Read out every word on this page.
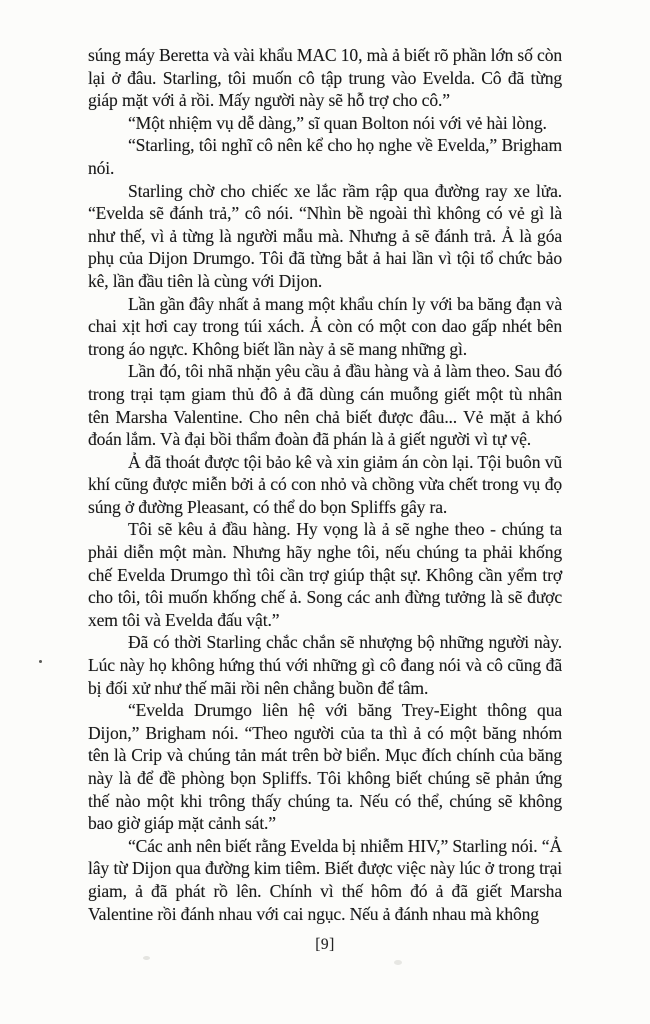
súng máy Beretta và vài khẩu MAC 10, mà ả biết rõ phần lớn số còn lại ở đâu. Starling, tôi muốn cô tập trung vào Evelda. Cô đã từng giáp mặt với ả rồi. Mấy người này sẽ hỗ trợ cho cô.”

“Một nhiệm vụ dễ dàng,” sĩ quan Bolton nói với vẻ hài lòng.

“Starling, tôi nghĩ cô nên kể cho họ nghe về Evelda,” Brigham nói.

Starling chờ cho chiếc xe lắc rầm rập qua đường ray xe lửa. “Evelda sẽ đánh trả,” cô nói. “Nhìn bề ngoài thì không có vẻ gì là như thế, vì ả từng là người mẫu mà. Nhưng ả sẽ đánh trả. Ả là góa phụ của Dijon Drumgo. Tôi đã từng bắt ả hai lần vì tội tổ chức bảo kê, lần đầu tiên là cùng với Dijon.

Lần gần đây nhất ả mang một khẩu chín ly với ba băng đạn và chai xịt hơi cay trong túi xách. Ả còn có một con dao gấp nhét bên trong áo ngực. Không biết lần này ả sẽ mang những gì.

Lần đó, tôi nhã nhặn yêu cầu ả đầu hàng và ả làm theo. Sau đó trong trại tạm giam thủ đô ả đã dùng cán muỗng giết một tù nhân tên Marsha Valentine. Cho nên chả biết được đâu... Vẻ mặt ả khó đoán lắm. Và đại bồi thẩm đoàn đã phán là ả giết người vì tự vệ.

Ả đã thoát được tội bảo kê và xin giảm án còn lại. Tội buôn vũ khí cũng được miễn bởi ả có con nhỏ và chồng vừa chết trong vụ đọ súng ở đường Pleasant, có thể do bọn Spliffs gây ra.

Tôi sẽ kêu ả đầu hàng. Hy vọng là ả sẽ nghe theo - chúng ta phải diễn một màn. Nhưng hãy nghe tôi, nếu chúng ta phải khống chế Evelda Drumgo thì tôi cần trợ giúp thật sự. Không cần yểm trợ cho tôi, tôi muốn khống chế ả. Song các anh đừng tưởng là sẽ được xem tôi và Evelda đấu vật.”

Đã có thời Starling chắc chắn sẽ nhượng bộ những người này. Lúc này họ không hứng thú với những gì cô đang nói và cô cũng đã bị đối xử như thế mãi rồi nên chẳng buồn để tâm.

“Evelda Drumgo liên hệ với băng Trey-Eight thông qua Dijon,” Brigham nói. “Theo người của ta thì ả có một băng nhóm tên là Crip và chúng tản mát trên bờ biển. Mục đích chính của băng này là để đề phòng bọn Spliffs. Tôi không biết chúng sẽ phản ứng thế nào một khi trông thấy chúng ta. Nếu có thể, chúng sẽ không bao giờ giáp mặt cảnh sát.”

“Các anh nên biết rằng Evelda bị nhiễm HIV,” Starling nói. “Ả lây từ Dijon qua đường kim tiêm. Biết được việc này lúc ở trong trại giam, ả đã phát rồ lên. Chính vì thế hôm đó ả đã giết Marsha Valentine rồi đánh nhau với cai ngục. Nếu ả đánh nhau mà không

[9]
